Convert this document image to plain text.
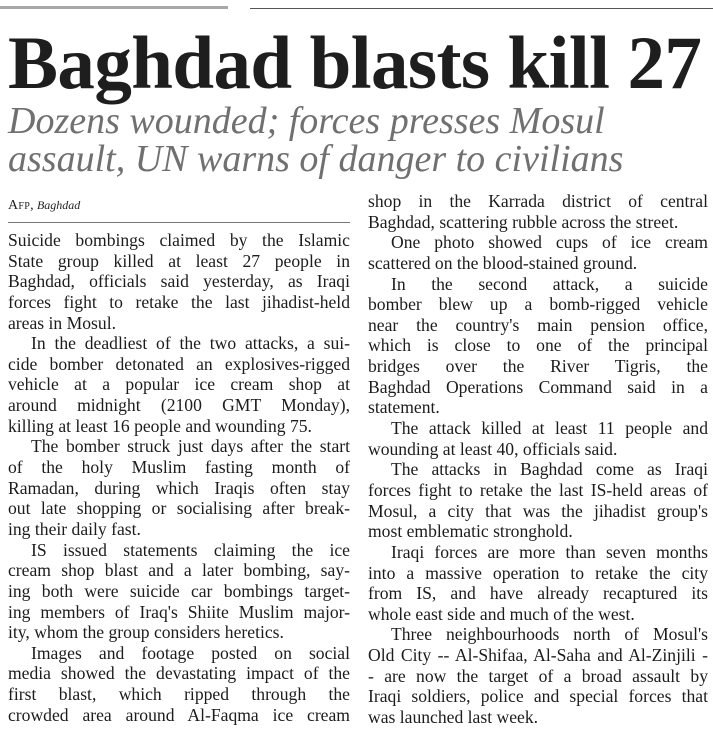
Baghdad blasts kill 27
Dozens wounded; forces presses Mosul
assault, UN warns of danger to civilians
Afp, Baghdad
Suicide bombings claimed by the Islamic
State group killed at least 27 people in
Baghdad, officials said yesterday, as Iraqi
forces fight to retake the last jihadist-held
areas in Mosul.
In the deadliest of the two attacks, a sui-
cide bomber detonated an explosives-rigged
vehicle at a popular ice cream shop at
around midnight (2100 GMT Monday),
killing at least 16 people and wounding 75.
The bomber struck just days after the start
of the holy Muslim fasting month of
Ramadan, during which Iraqis often stay
out late shopping or socialising after break-
ing their daily fast.
IS issued statements claiming the ice
cream shop blast and a later bombing, say-
ing both were suicide car bombings target-
ing members of Iraq's Shiite Muslim major-
ity, whom the group considers heretics.
Images and footage posted on social
media showed the devastating impact of the
first blast, which ripped through the
crowded area around Al-Faqma ice cream
shop in the Karrada district of central
Baghdad, scattering rubble across the street.
One photo showed cups of ice cream
scattered on the blood-stained ground.
In the second attack, a suicide
bomber blew up a bomb-rigged vehicle
near the country's main pension office,
which is close to one of the principal
bridges over the River Tigris, the
Baghdad Operations Command said in a
statement.
The attack killed at least 11 people and
wounding at least 40, officials said.
The attacks in Baghdad come as Iraqi
forces fight to retake the last IS-held areas of
Mosul, a city that was the jihadist group's
most emblematic stronghold.
Iraqi forces are more than seven months
into a massive operation to retake the city
from IS, and have already recaptured its
whole east side and much of the west.
Three neighbourhoods north of Mosul's
Old City -- Al-Shifaa, Al-Saha and Al-Zinjili -
- are now the target of a broad assault by
Iraqi soldiers, police and special forces that
was launched last week.
